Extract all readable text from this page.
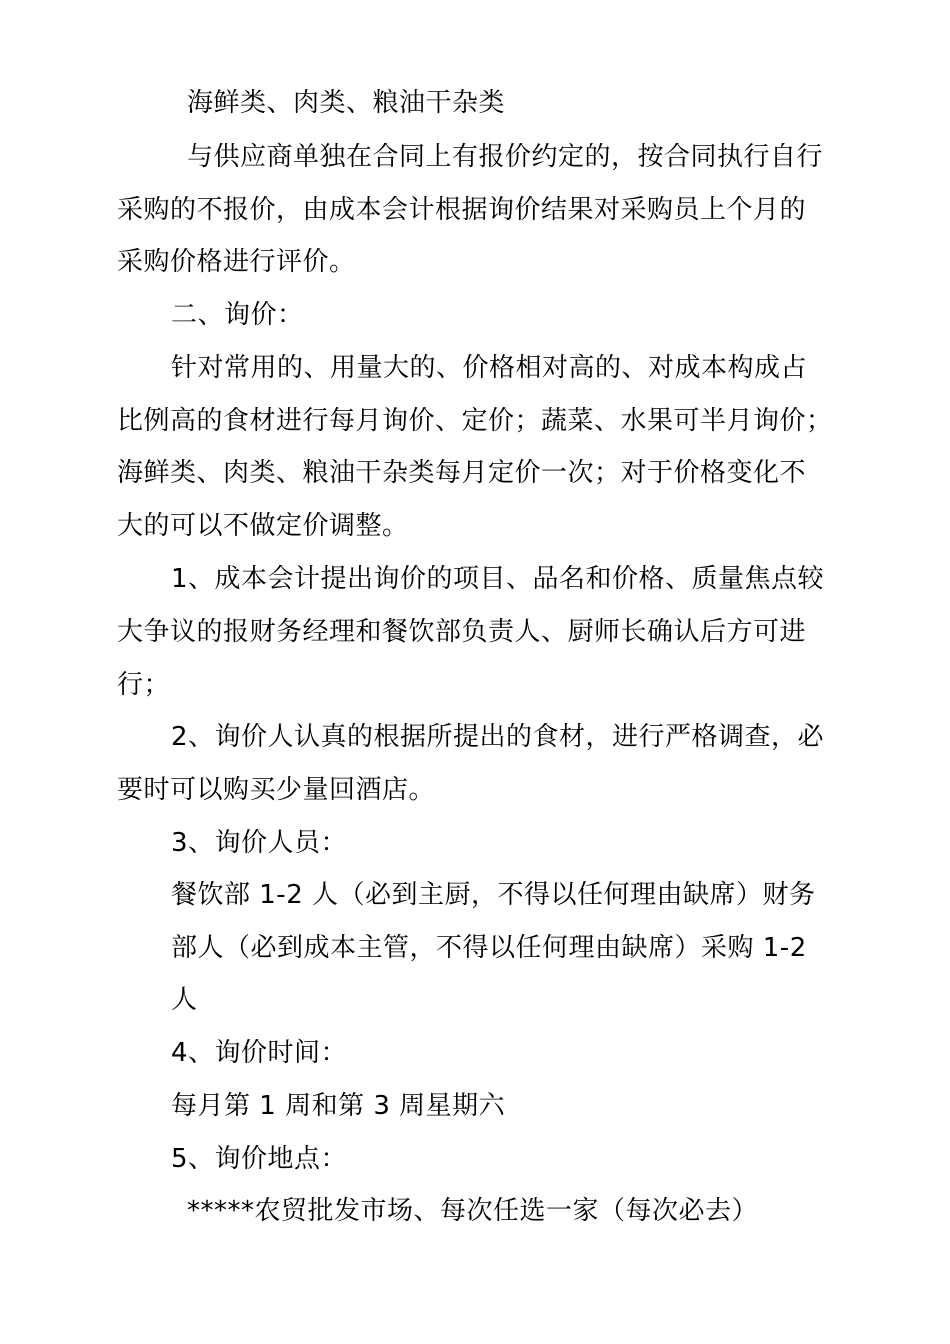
海鲜类、肉类、粮油干杂类
与供应商单独在合同上有报价约定的，按合同执行自行
采购的不报价，由成本会计根据询价结果对采购员上个月的
采购价格进行评价。
二、询价：
针对常用的、用量大的、价格相对高的、对成本构成占
比例高的食材进行每月询价、定价；蔬菜、水果可半月询价；
海鲜类、肉类、粮油干杂类每月定价一次；对于价格变化不
大的可以不做定价调整。
1、成本会计提出询价的项目、品名和价格、质量焦点较
大争议的报财务经理和餐饮部负责人、厨师长确认后方可进
行；
2、询价人认真的根据所提出的食材，进行严格调查，必
要时可以购买少量回酒店。
3、询价人员：
餐饮部 1-2 人（必到主厨，不得以任何理由缺席）财务
部人（必到成本主管，不得以任何理由缺席）采购 1-2
人
4、询价时间：
每月第 1 周和第 3 周星期六
5、询价地点：
*****农贸批发市场、每次任选一家（每次必去）
